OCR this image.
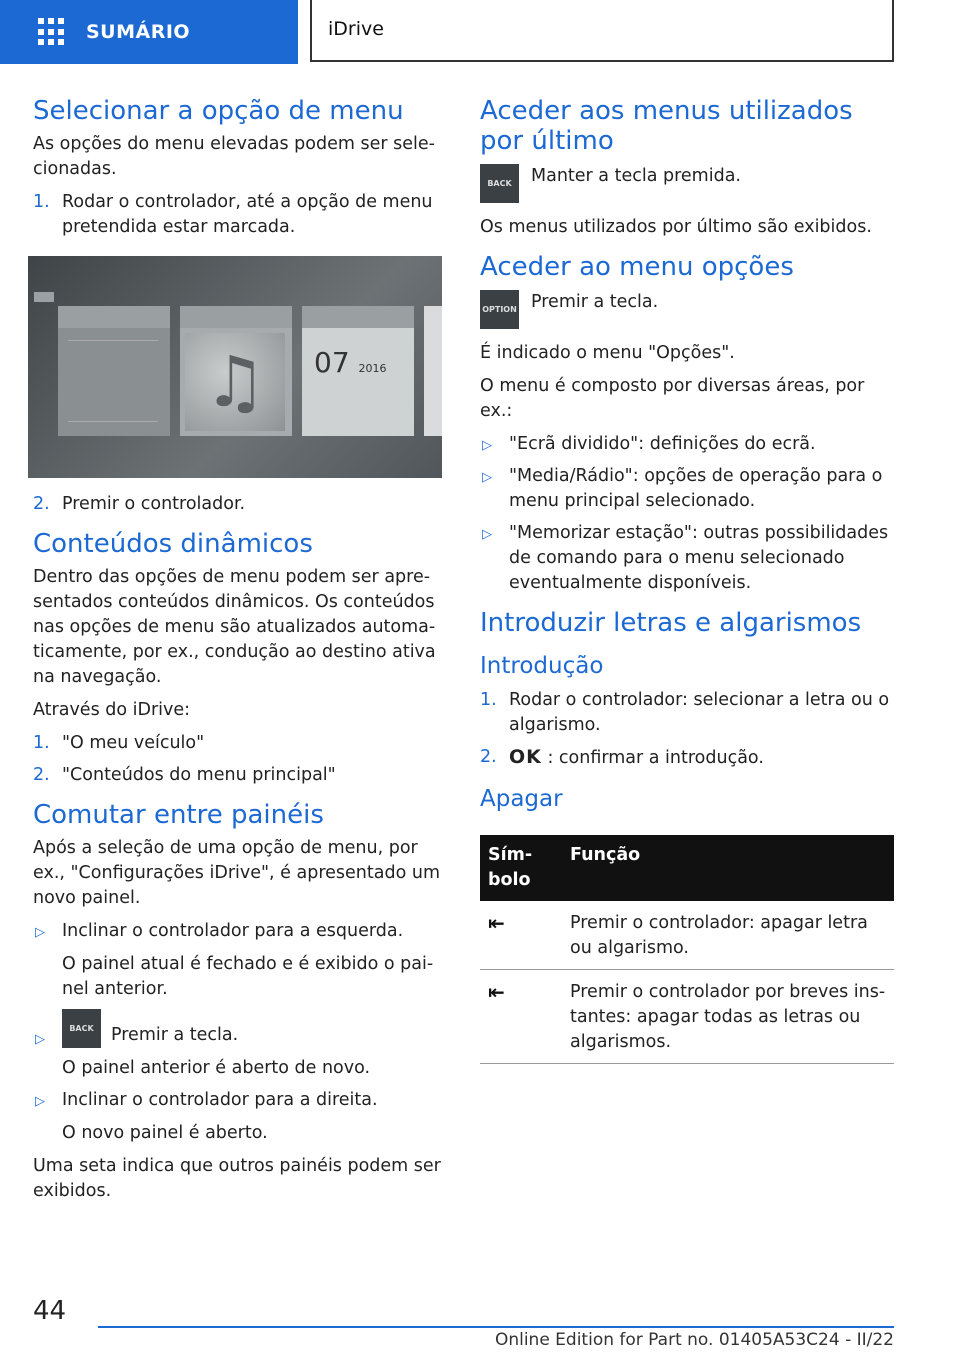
SUMÁRIO	iDrive
Selecionar a opção de menu

As opções do menu elevadas podem ser sele-cionadas.

1. Rodar o controlador, até a opção de menu pretendida estar marcada.
♫	07 2016
2. Premir o controlador.
Conteúdos dinâmicos

Dentro das opções de menu podem ser apre-sentados conteúdos dinâmicos. Os conteúdos nas opções de menu são atualizados automa-ticamente, por ex., condução ao destino ativa na navegação.

Através do iDrive:

1. "O meu veículo"
2. "Conteúdos do menu principal"
Comutar entre painéis

Após a seleção de uma opção de menu, por ex., "Configurações iDrive", é apresentado um novo painel.

▷ Inclinar o controlador para a esquerda.
O painel atual é fechado e é exibido o pai-nel anterior.
▷
BACK Premir a tecla.
O painel anterior é aberto de novo.
▷ Inclinar o controlador para a direita.
O novo painel é aberto.

Uma seta indica que outros painéis podem ser exibidos.

Aceder aos menus utilizados por último
BACK	Manter a tecla premida.

Os menus utilizados por último são exibidos.

Aceder ao menu opções
OPTION Premir a tecla.

É indicado o menu "Opções".

O menu é composto por diversas áreas, por ex.:

▷ "Ecrã dividido": definições do ecrã.
▷ "Media/Rádio": opções de operação para o menu principal selecionado.
▷ "Memorizar estação": outras possibilidades de comando para o menu selecionado eventualmente disponíveis.
Introduzir letras e algarismos
Introdução
1. Rodar o controlador: selecionar a letra ou o algarismo.
2. OK : confirmar a introdução.
Apagar
Sím-bolo	Função
⇤	Premir o controlador: apagar letra ou algarismo.
⇤	Premir o controlador por breves ins-tantes: apagar todas as letras ou algarismos.
44
Online Edition for Part no. 01405A53C24 - II/22
